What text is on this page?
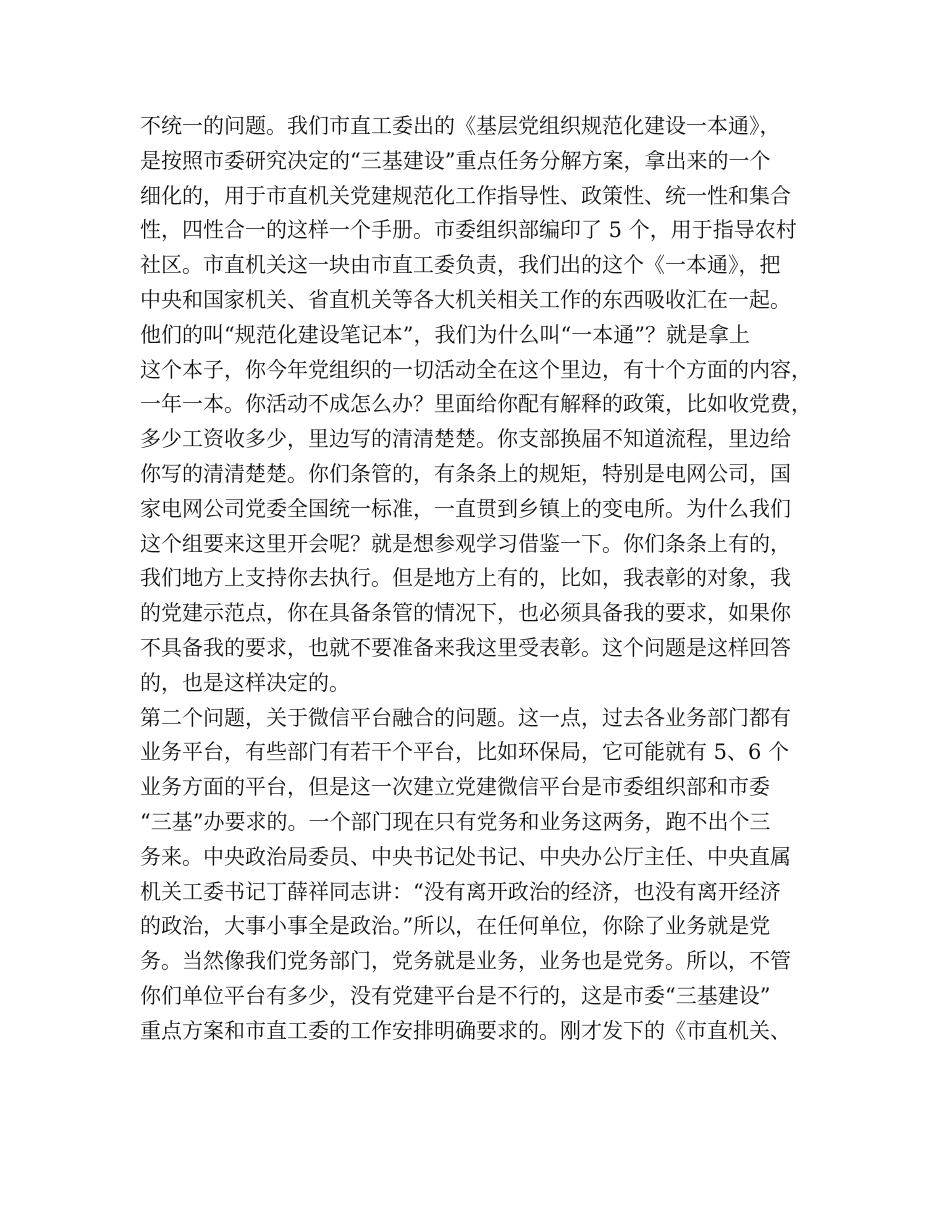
不统一的问题。我们市直工委出的《基层党组织规范化建设一本通》，
是按照市委研究决定的“三基建设”重点任务分解方案，拿出来的一个
细化的，用于市直机关党建规范化工作指导性、政策性、统一性和集合
性，四性合一的这样一个手册。市委组织部编印了 5 个，用于指导农村
社区。市直机关这一块由市直工委负责，我们出的这个《一本通》，把
中央和国家机关、省直机关等各大机关相关工作的东西吸收汇在一起。
他们的叫“规范化建设笔记本”，我们为什么叫“一本通”？就是拿上
这个本子，你今年党组织的一切活动全在这个里边，有十个方面的内容，
一年一本。你活动不成怎么办？里面给你配有解释的政策，比如收党费，
多少工资收多少，里边写的清清楚楚。你支部换届不知道流程，里边给
你写的清清楚楚。你们条管的，有条条上的规矩，特别是电网公司，国
家电网公司党委全国统一标准，一直贯到乡镇上的变电所。为什么我们
这个组要来这里开会呢？就是想参观学习借鉴一下。你们条条上有的，
我们地方上支持你去执行。但是地方上有的，比如，我表彰的对象，我
的党建示范点，你在具备条管的情况下，也必须具备我的要求，如果你
不具备我的要求，也就不要准备来我这里受表彰。这个问题是这样回答
的，也是这样决定的。
第二个问题，关于微信平台融合的问题。这一点，过去各业务部门都有
业务平台，有些部门有若干个平台，比如环保局，它可能就有 5、6 个
业务方面的平台，但是这一次建立党建微信平台是市委组织部和市委
“三基”办要求的。一个部门现在只有党务和业务这两务，跑不出个三
务来。中央政治局委员、中央书记处书记、中央办公厅主任、中央直属
机关工委书记丁薛祥同志讲：“没有离开政治的经济，也没有离开经济
的政治，大事小事全是政治。”所以，在任何单位，你除了业务就是党
务。当然像我们党务部门，党务就是业务，业务也是党务。所以，不管
你们单位平台有多少，没有党建平台是不行的，这是市委“三基建设”
重点方案和市直工委的工作安排明确要求的。刚才发下的《市直机关、
